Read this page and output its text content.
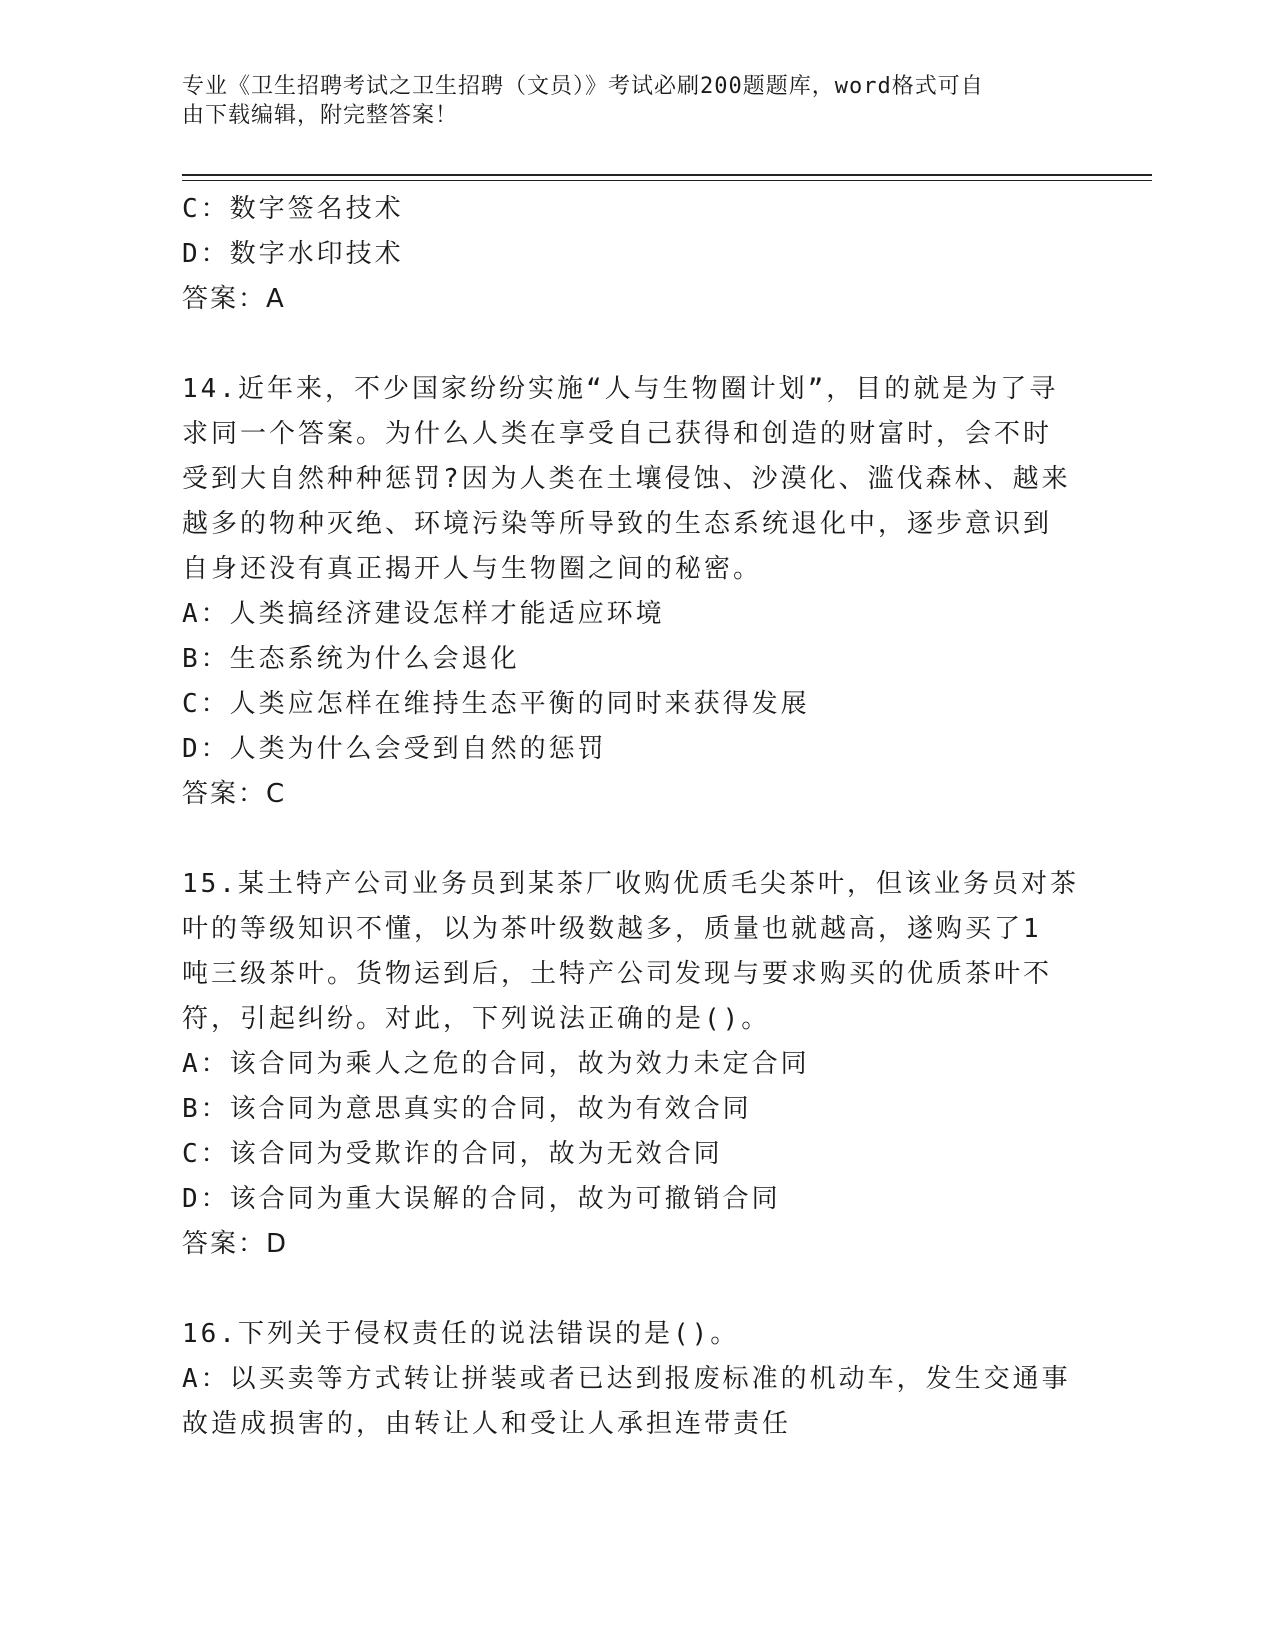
专业《卫生招聘考试之卫生招聘（文员）》考试必刷200题题库，word格式可自
由下载编辑，附完整答案！
C：数字签名技术
D：数字水印技术
答案：A
14.近年来，不少国家纷纷实施“人与生物圈计划”，目的就是为了寻
求同一个答案。为什么人类在享受自己获得和创造的财富时，会不时
受到大自然种种惩罚?因为人类在土壤侵蚀、沙漠化、滥伐森林、越来
越多的物种灭绝、环境污染等所导致的生态系统退化中，逐步意识到
自身还没有真正揭开人与生物圈之间的秘密。
A：人类搞经济建设怎样才能适应环境
B：生态系统为什么会退化
C：人类应怎样在维持生态平衡的同时来获得发展
D：人类为什么会受到自然的惩罚
答案：C
15.某土特产公司业务员到某茶厂收购优质毛尖茶叶，但该业务员对茶
叶的等级知识不懂，以为茶叶级数越多，质量也就越高，遂购买了1
吨三级茶叶。货物运到后，土特产公司发现与要求购买的优质茶叶不
符，引起纠纷。对此，下列说法正确的是()。
A：该合同为乘人之危的合同，故为效力未定合同
B：该合同为意思真实的合同，故为有效合同
C：该合同为受欺诈的合同，故为无效合同
D：该合同为重大误解的合同，故为可撤销合同
答案：D
16.下列关于侵权责任的说法错误的是()。
A：以买卖等方式转让拼装或者已达到报废标准的机动车，发生交通事
故造成损害的，由转让人和受让人承担连带责任
